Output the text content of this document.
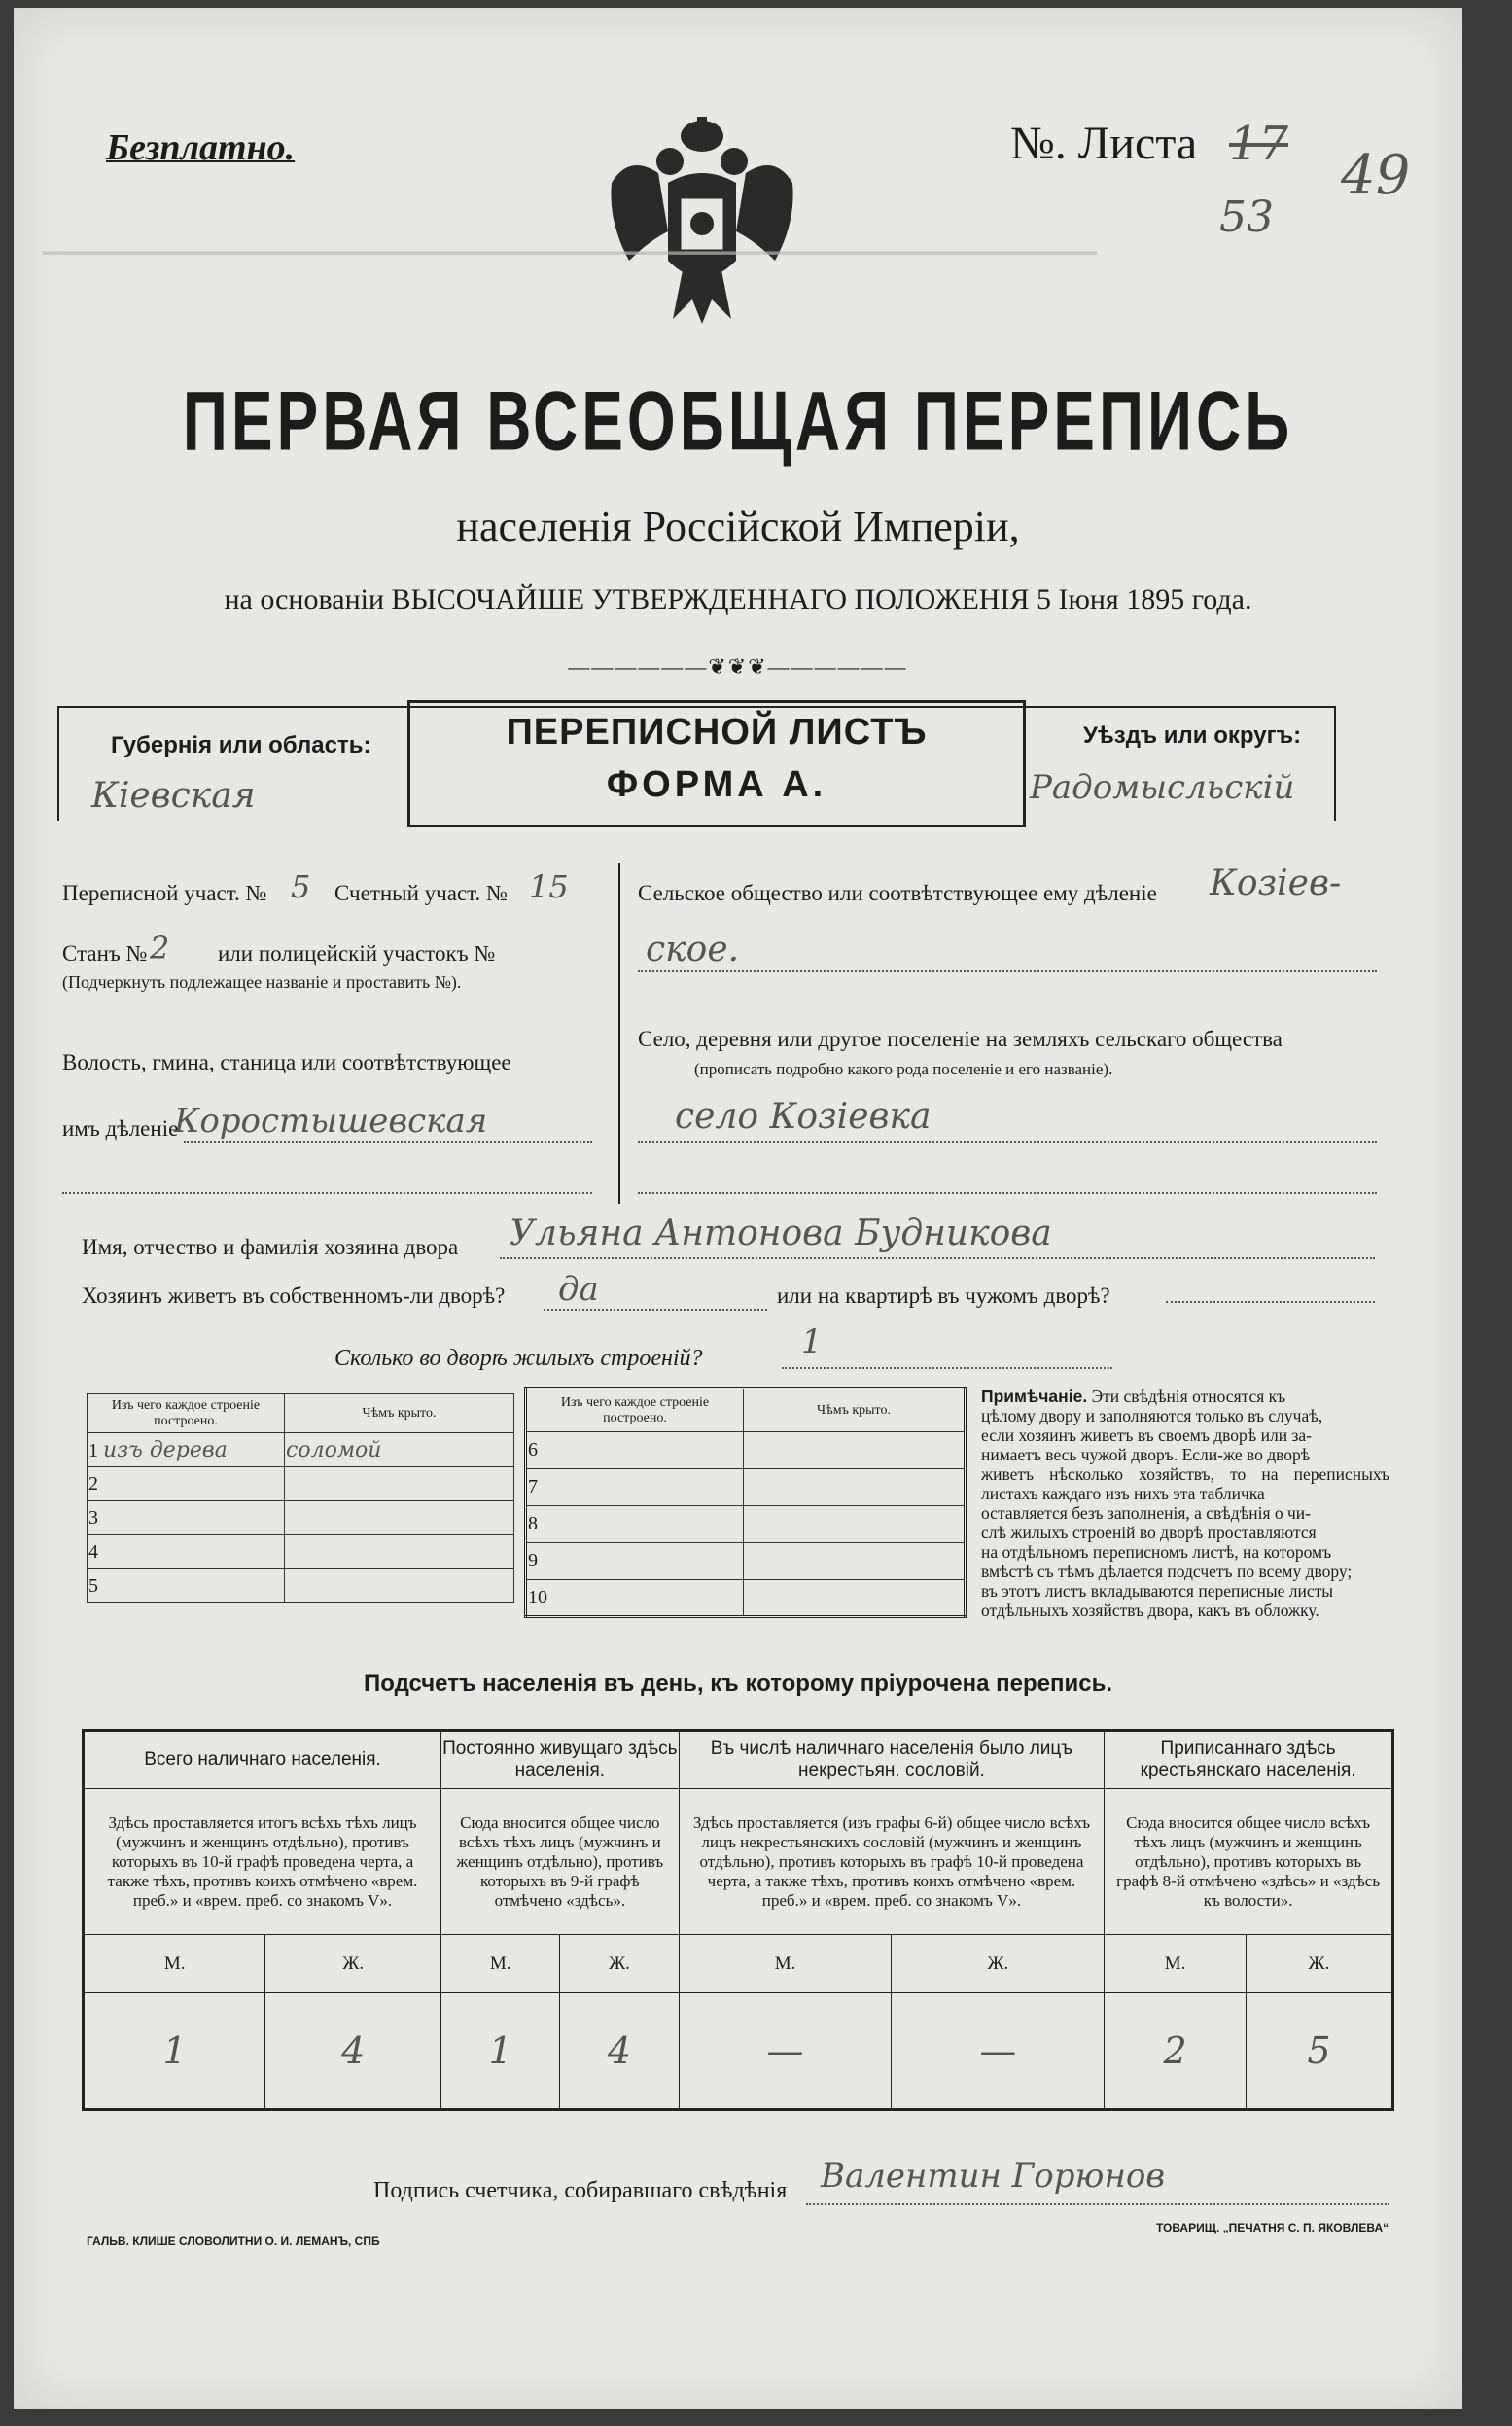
Безплатно.	№. Листа 17
53
49
━━━━━━━━━━━━━━━━━━━━━━━━━━━━━━━━━━━━━━━━━━━━━━━━━━━━━━━━━━━━━━━━━━━━━━━━━━━━━━━━━━━━━━━━━━
ПЕРВАЯ ВСЕОБЩАЯ ПЕРЕПИСЬ
населенія Россійской Имперіи,
на основаніи ВЫСОЧАЙШЕ УТВЕРЖДЕННАГО ПОЛОЖЕНІЯ 5 Іюня 1895 года.
——————❦❦❦——————
Губернія или область:
Кіевская
ПЕРЕПИСНОЙ ЛИСТЪ
ФОРМА А.
Уѣздъ или округъ:
Радомысльскiй
Переписной участ. № 5 Счетный участ. № 15
Станъ № 2 или полицейскій участокъ №
(Подчеркнуть подлежащее названіе и проставить №).
Волость, гмина, станица или соотвѣтствующее
имъ дѣленіе
Коростышевская
Сельское общество или соотвѣтствующее ему дѣленіе Козiев-
ское.
Село, деревня или другое поселеніе на земляхъ сельскаго общества
(прописать подробно какого рода поселеніе и его названіе).
село Козiевка
Имя, отчество и фамилія хозяина двора Ульяна Антонова Будникова
Хозяинъ живетъ въ собственномъ-ли дворѣ? да	или на квартирѣ въ чужомъ дворѣ?
Сколько во дворѣ жилыхъ строеній?	1
Изъ чего каждое строеніе построено.	Чѣмъ крыто.
1 изъ дерева	соломой
2	
3	
4	
5	
Изъ чего каждое строеніе построено.	Чѣмъ крыто.
6	
7	
8	
9	
10	
Примѣчаніе. Эти свѣдѣнія относятся къ
цѣлому двору и заполняются только въ случаѣ,
если хозяинъ живетъ въ своемъ дворѣ или за-
нимаетъ весь чужой дворъ. Если-же во дворѣ
живетъ нѣсколько хозяйствъ, то на переписныхъ листахъ каждаго изъ нихъ эта табличка
оставляется безъ заполненія, а свѣдѣнія о чи-
слѣ жилыхъ строеній во дворѣ проставляются
на отдѣльномъ переписномъ листѣ, на которомъ
вмѣстѣ съ тѣмъ дѣлается подсчетъ по всему двору;
въ этотъ листъ вкладываются переписные листы
отдѣльныхъ хозяйствъ двора, какъ въ обложку.
Подсчетъ населенія въ день, къ которому пріурочена перепись.
Всего наличнаго населенія.		Постоянно живущаго здѣсь населенія.		Въ числѣ наличнаго населенія было лицъ некрестьян. сословій.		Приписаннаго здѣсь крестьянскаго населенія.	
Здѣсь проставляется итогъ всѣхъ тѣхъ лицъ (мужчинъ и женщинъ отдѣльно), противъ которыхъ въ 10-й графѣ проведена черта, а также тѣхъ, противъ коихъ отмѣчено «врем. преб.» и «врем. преб. со знакомъ V».		Сюда вносится общее число всѣхъ тѣхъ лицъ (мужчинъ и женщинъ отдѣльно), противъ которыхъ въ 9-й графѣ отмѣчено «здѣсь».		Здѣсь проставляется (изъ графы 6-й) общее число всѣхъ лицъ некрестьянскихъ сословій (мужчинъ и женщинъ отдѣльно), противъ которыхъ въ графѣ 10-й проведена черта, а также тѣхъ, противъ коихъ отмѣчено «врем. преб.» и «врем. преб. со знакомъ V».		Сюда вносится общее число всѣхъ тѣхъ лицъ (мужчинъ и женщинъ отдѣльно), противъ которыхъ въ графѣ 8-й отмѣчено «здѣсь» и «здѣсь къ волости».	
М.	Ж.	М.	Ж.	М.	Ж.	М.	Ж.
1	4	1	4	—	—	2	5
Подпись счетчика, собиравшаго свѣдѣнія Валентин Горюнов
ГАЛЬВ. КЛИШЕ СЛОВОЛИТНИ О. И. ЛЕМАНЪ, СПБ
ТОВАРИЩ. „ПЕЧАТНЯ С. П. ЯКОВЛЕВА“
